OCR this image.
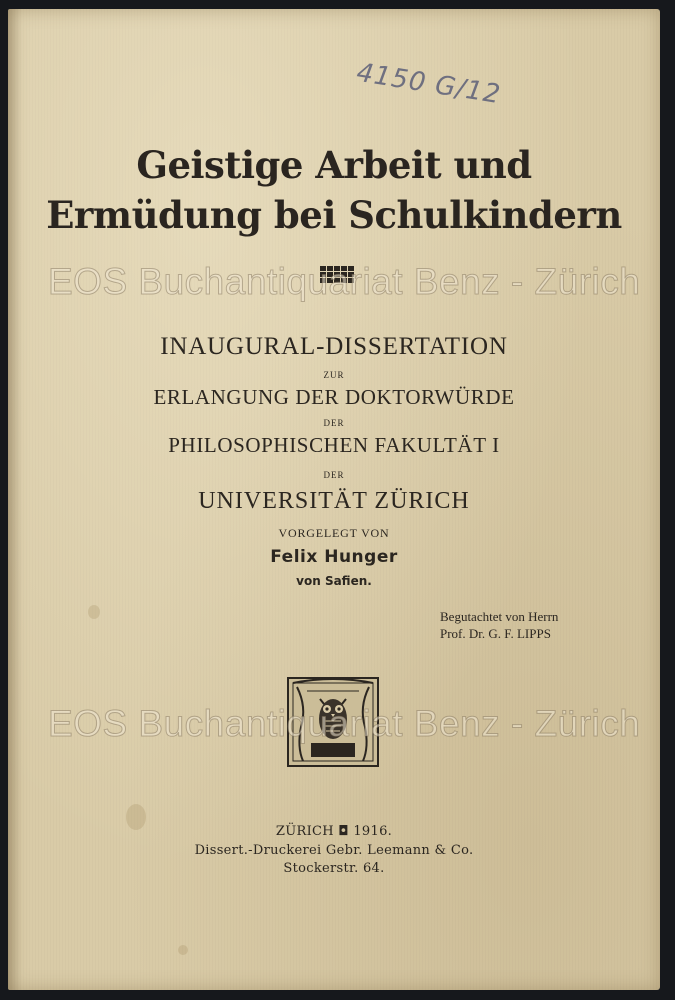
4150 G/12
Geistige Arbeit und
Ermüdung bei Schulkindern
EOS Buchantiquariat Benz - Zürich
INAUGURAL-DISSERTATION
ZUR
ERLANGUNG DER DOKTORWÜRDE
DER
PHILOSOPHISCHEN FAKULTÄT I
DER
UNIVERSITÄT ZÜRICH
VORGELEGT VON
Felix Hunger
von Safien.
Begutachtet von Herrn
Prof. Dr. G. F. LIPPS
EOS Buchantiquariat Benz - Zürich
ZÜRICH ◘ 1916.
Dissert.-Druckerei Gebr. Leemann & Co.
Stockerstr. 64.
